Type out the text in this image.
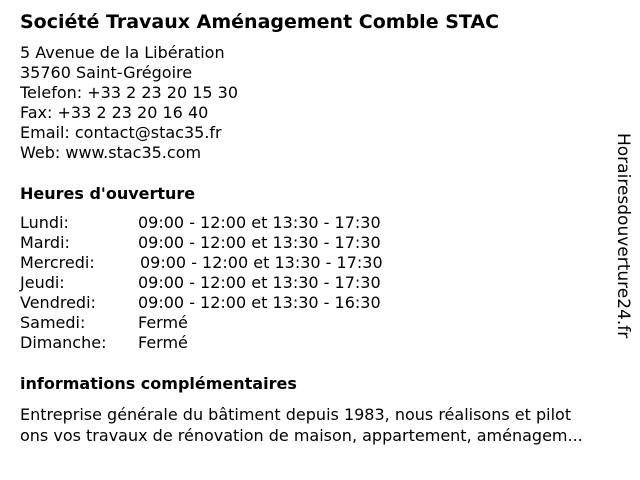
Société Travaux Aménagement Comble STAC
5 Avenue de la Libération
35760 Saint-Grégoire
Telefon: +33 2 23 20 15 30
Fax: +33 2 23 20 16 40
Email: contact@stac35.fr
Web: www.stac35.com
Heures d'ouverture
Lundi:	09:00 - 12:00 et 13:30 - 17:30
Mardi:	09:00 - 12:00 et 13:30 - 17:30
Mercredi:	09:00 - 12:00 et 13:30 - 17:30
Jeudi:	09:00 - 12:00 et 13:30 - 17:30
Vendredi:	09:00 - 12:00 et 13:30 - 16:30
Samedi:	Fermé
Dimanche: Fermé
informations complémentaires
Entreprise générale du bâtiment depuis 1983, nous réalisons et pilot
ons vos travaux de rénovation de maison, appartement, aménagem...
Horairesdouverture24.fr
